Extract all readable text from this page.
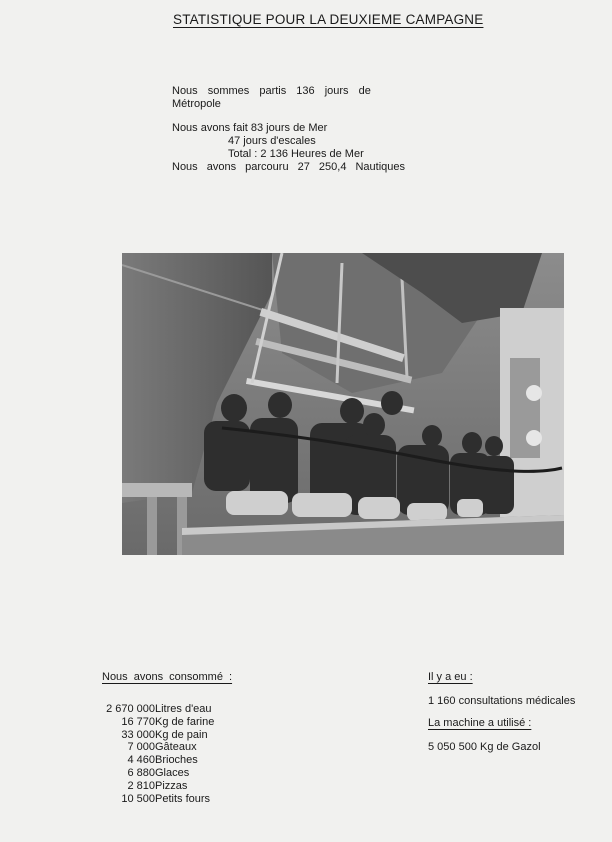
STATISTIQUE POUR LA DEUXIEME CAMPAGNE
Nous sommes partis 136 jours de
Métropole
Nous avons fait 83 jours de Mer
47 jours d'escales
Total : 2 136 Heures de Mer
Nous avons parcouru 27 250,4 Nautiques
Nous avons consommé :
2 670 000 Litres d'eau
16 770 Kg de farine
33 000 Kg de pain
7 000 Gâteaux
4 460 Brioches
6 880 Glaces
2 810 Pizzas
10 500 Petits fours
Il y a eu :
1 160 consultations médicales
La machine a utilisé :
5 050 500 Kg de Gazol
